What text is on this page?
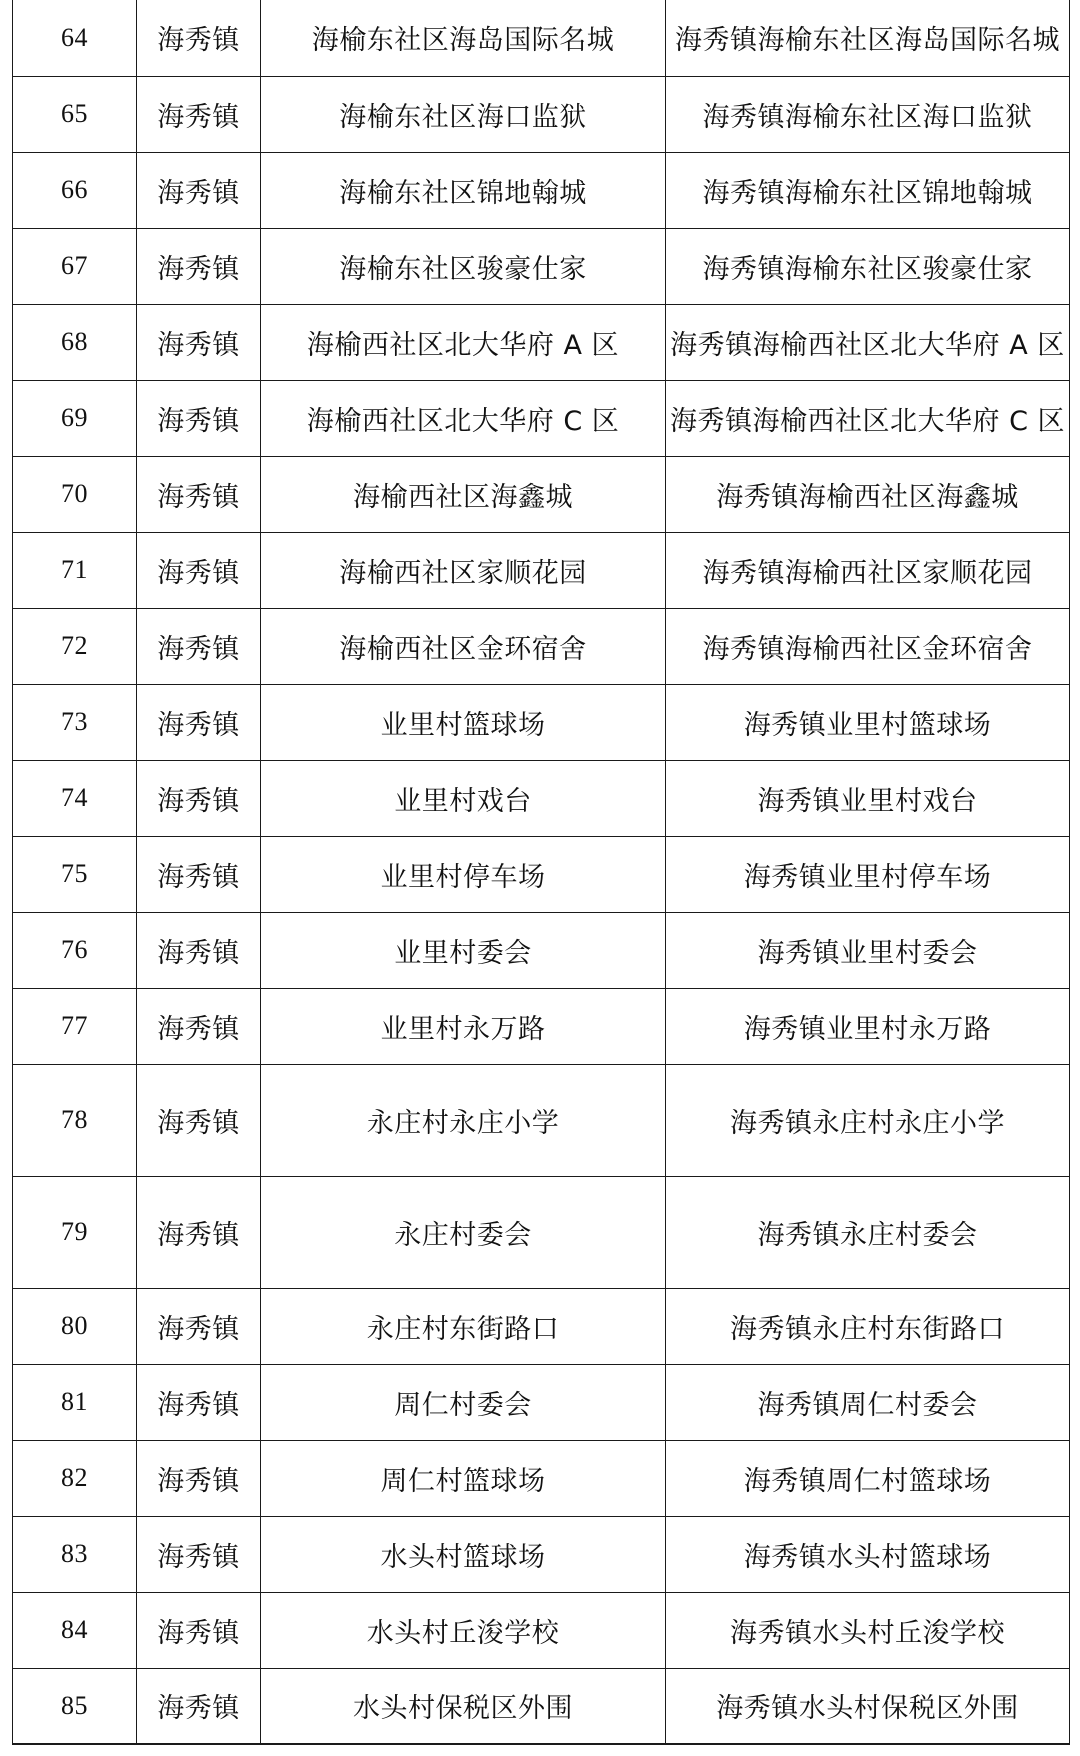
64	海秀镇	海榆东社区海岛国际名城	海秀镇海榆东社区海岛国际名城
65	海秀镇	海榆东社区海口监狱	海秀镇海榆东社区海口监狱
66	海秀镇	海榆东社区锦地翰城	海秀镇海榆东社区锦地翰城
67	海秀镇	海榆东社区骏豪仕家	海秀镇海榆东社区骏豪仕家
68	海秀镇	海榆西社区北大华府 A 区	海秀镇海榆西社区北大华府 A 区
69	海秀镇	海榆西社区北大华府 C 区	海秀镇海榆西社区北大华府 C 区
70	海秀镇	海榆西社区海鑫城	海秀镇海榆西社区海鑫城
71	海秀镇	海榆西社区家顺花园	海秀镇海榆西社区家顺花园
72	海秀镇	海榆西社区金环宿舍	海秀镇海榆西社区金环宿舍
73	海秀镇	业里村篮球场	海秀镇业里村篮球场
74	海秀镇	业里村戏台	海秀镇业里村戏台
75	海秀镇	业里村停车场	海秀镇业里村停车场
76	海秀镇	业里村委会	海秀镇业里村委会
77	海秀镇	业里村永万路	海秀镇业里村永万路
78	海秀镇	永庄村永庄小学	海秀镇永庄村永庄小学
79	海秀镇	永庄村委会	海秀镇永庄村委会
80	海秀镇	永庄村东街路口	海秀镇永庄村东街路口
81	海秀镇	周仁村委会	海秀镇周仁村委会
82	海秀镇	周仁村篮球场	海秀镇周仁村篮球场
83	海秀镇	水头村篮球场	海秀镇水头村篮球场
84	海秀镇	水头村丘浚学校	海秀镇水头村丘浚学校
85	海秀镇	水头村保税区外围	海秀镇水头村保税区外围
